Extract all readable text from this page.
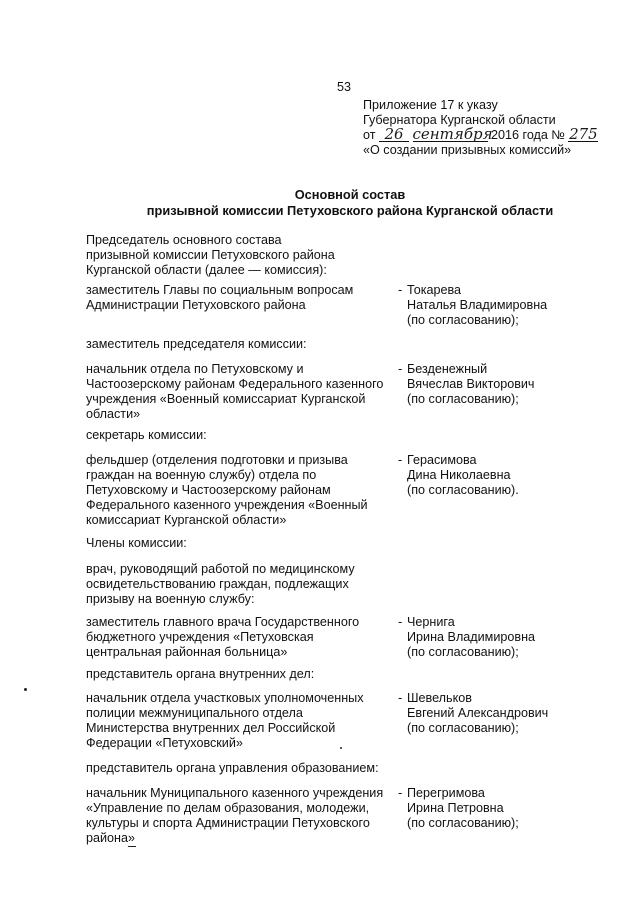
53
Приложение 17 к указу
Губернатора Курганской области
от 26 сентября 2016 года № 275
«О создании призывных комиссий»
Основной состав
призывной комиссии Петуховского района Курганской области
Председатель основного состава
призывной комиссии Петуховского района
Курганской области (далее — комиссия):
заместитель Главы по социальным вопросам
Администрации Петуховского района
- Токарева
Наталья Владимировна
(по согласованию);
заместитель председателя комиссии:
начальник отдела по Петуховскому и
Частоозерскому районам Федерального казенного
учреждения «Военный комиссариат Курганской
области»
- Безденежный
Вячеслав Викторович
(по согласованию);
секретарь комиссии:
фельдшер (отделения подготовки и призыва
граждан на военную службу) отдела по
Петуховскому и Частоозерскому районам
Федерального казенного учреждения «Военный
комиссариат Курганской области»
- Герасимова
Дина Николаевна
(по согласованию).
Члены комиссии:
врач, руководящий работой по медицинскому
освидетельствованию граждан, подлежащих
призыву на военную службу:
заместитель главного врача Государственного
бюджетного учреждения «Петуховская
центральная районная больница»
- Чернига
Ирина Владимировна
(по согласованию);
представитель органа внутренних дел:
начальник отдела участковых уполномоченных
полиции межмуниципального отдела
Министерства внутренних дел Российской
Федерации «Петуховский»
- Шевельков
Евгений Александрович
(по согласованию);
представитель органа управления образованием:
начальник Муниципального казенного учреждения
«Управление по делам образования, молодежи,
культуры и спорта Администрации Петуховского
района»
- Перегримова
Ирина Петровна
(по согласованию);
